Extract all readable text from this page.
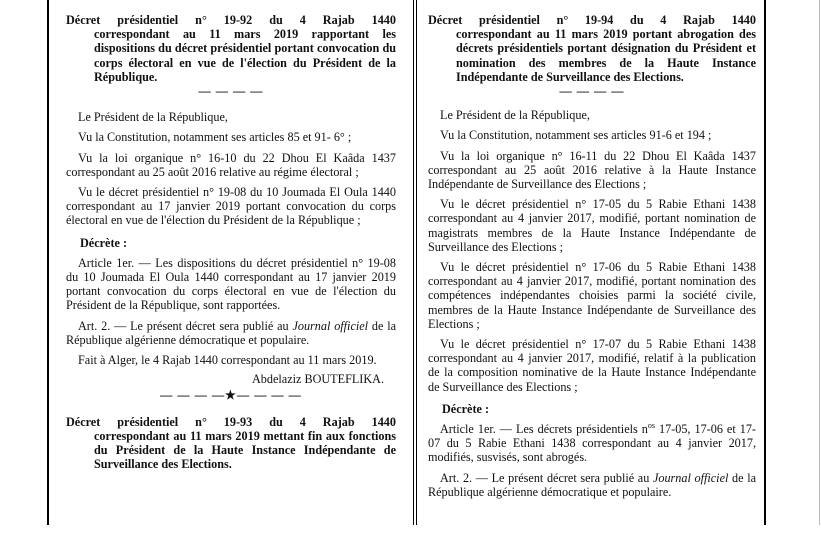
Décret présidentiel n° 19-92 du 4 Rajab 1440
correspondant au 11 mars 2019 rapportant les dispositions du décret présidentiel portant convocation du corps électoral en vue de l'élection du Président de la République.

— — — —

Le Président de la République,

Vu la Constitution, notamment ses articles 85 et 91- 6° ;

Vu la loi organique n° 16-10 du 22 Dhou El Kaâda 1437 correspondant au 25 août 2016 relative au régime électoral ;

Vu le décret présidentiel n° 19-08 du 10 Joumada El Oula 1440 correspondant au 17 janvier 2019 portant convocation du corps électoral en vue de l'élection du Président de la République ;

Décrète :

Article 1er. — Les dispositions du décret présidentiel n° 19-08 du 10 Joumada El Oula 1440 correspondant au 17 janvier 2019 portant convocation du corps électoral en vue de l'élection du Président de la République, sont rapportées.

Art. 2. — Le présent décret sera publié au Journal officiel de la République algérienne démocratique et populaire.

Fait à Alger, le 4 Rajab 1440 correspondant au 11 mars 2019.

Abdelaziz BOUTEFLIKA.

— — — —★— — — —

Décret présidentiel n° 19-93 du 4 Rajab 1440
correspondant au 11 mars 2019 mettant fin aux fonctions du Président de la Haute Instance Indépendante de Surveillance des Elections.
Décret présidentiel n° 19-94 du 4 Rajab 1440
correspondant au 11 mars 2019 portant abrogation des décrets présidentiels portant désignation du Président et nomination des membres de la Haute Instance Indépendante de Surveillance des Elections.

— — — —

Le Président de la République,

Vu la Constitution, notamment ses articles 91-6 et 194 ;

Vu la loi organique n° 16-11 du 22 Dhou El Kaâda 1437 correspondant au 25 août 2016 relative à la Haute Instance Indépendante de Surveillance des Elections ;

Vu le décret présidentiel n° 17-05 du 5 Rabie Ethani 1438 correspondant au 4 janvier 2017, modifié, portant nomination de magistrats membres de la Haute Instance Indépendante de Surveillance des Elections ;

Vu le décret présidentiel n° 17-06 du 5 Rabie Ethani 1438 correspondant au 4 janvier 2017, modifié, portant nomination des compétences indépendantes choisies parmi la société civile, membres de la Haute Instance Indépendante de Surveillance des Elections ;

Vu le décret présidentiel n° 17-07 du 5 Rabie Ethani 1438 correspondant au 4 janvier 2017, modifié, relatif à la publication de la composition nominative de la Haute Instance Indépendante de Surveillance des Elections ;

Décrète :

Article 1er. — Les décrets présidentiels $n^{os}$ 17-05, 17-06 et 17-07 du 5 Rabie Ethani 1438 correspondant au 4 janvier 2017, modifiés, susvisés, sont abrogés.

Art. 2. — Le présent décret sera publié au Journal officiel de la République algérienne démocratique et populaire.
